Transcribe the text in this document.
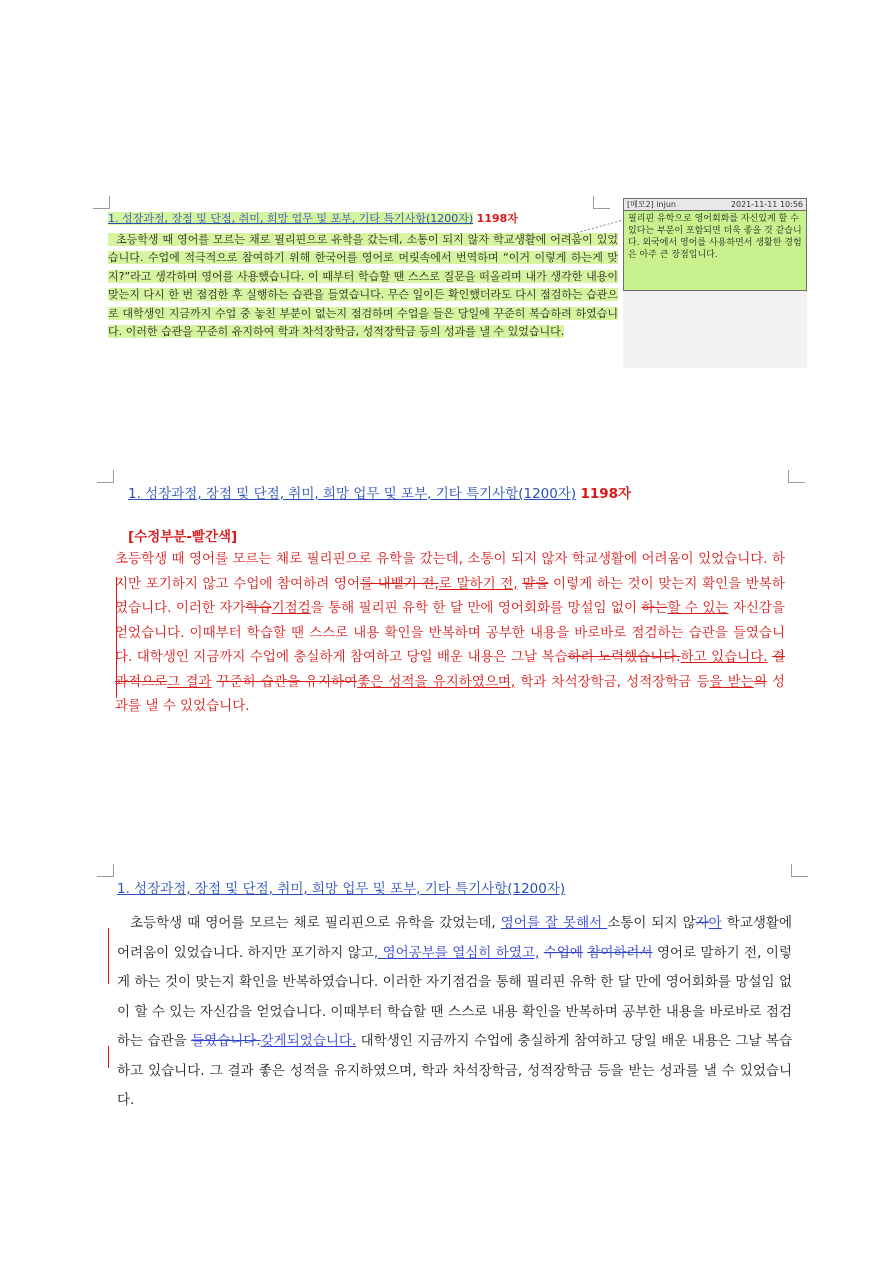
1. 성장과정, 장점 및 단점, 취미, 희망 업무 및 포부, 기타 특기사항(1200자) 1198자

초등학생 때 영어를 모르는 채로 필리핀으로 유학을 갔는데, 소통이 되지 않자 학교생활에 어려움이 있었습니다. 수업에 적극적으로 참여하기 위해 한국어를 영어로 머릿속에서 번역하며 “이거 이렇게 하는게 맞지?”라고 생각하며 영어를 사용했습니다. 이 때부터 학습할 땐 스스로 질문을 떠올리며 내가 생각한 내용이 맞는지 다시 한 번 점검한 후 실행하는 습관을 들였습니다. 무슨 일이든 확인했더라도 다시 점검하는 습관으로 대학생인 지금까지 수업 중 놓친 부분이 없는지 점검하며 수업을 들은 당일에 꾸준히 복습하려 하였습니다. 이러한 습관을 꾸준히 유지하여 학과 차석장학금, 성적장학금 등의 성과를 낼 수 있었습니다.

[메모2] injun	2021-11-11 10:56
필리핀 유학으로 영어회화를 자신있게 할 수 있다는 부분이 포함되면 더욱 좋을 것 같습니다. 외국에서 영어를 사용하면서 생활한 경험은 아주 큰 장점입니다.

1. 성장과정, 장점 및 단점, 취미, 희망 업무 및 포부, 기타 특기사항(1200자) 1198자

[수정부분-빨간색]

초등학생 때 영어를 모르는 채로 필리핀으로 유학을 갔는데, 소통이 되지 않자 학교생활에 어려움이 있었습니다. 하지만 포기하지 않고 수업에 참여하려 영어를 내뱉기 전,로 말하기 전, 말을 이렇게 하는 것이 맞는지 확인을 반복하였습니다. 이러한 자가학습기점검을 통해 필리핀 유학 한 달 만에 영어회화를 망설임 없이 하는할 수 있는 자신감을 얻었습니다. 이때부터 학습할 땐 스스로 내용 확인을 반복하며 공부한 내용을 바로바로 점검하는 습관을 들였습니다. 대학생인 지금까지 수업에 충실하게 참여하고 당일 배운 내용은 그날 복습하려 노력했습니다.하고 있습니다. 결과적으로그 결과 꾸준히 습관을 유지하여좋은 성적을 유지하였으며, 학과 차석장학금, 성적장학금 등을 받는의 성과를 낼 수 있었습니다.

1. 성장과정, 장점 및 단점, 취미, 희망 업무 및 포부, 기타 특기사항(1200자)

초등학생 때 영어를 모르는 채로 필리핀으로 유학을 갔었는데, 영어를 잘 못해서 소통이 되지 않자아 학교생활에 어려움이 있었습니다. 하지만 포기하지 않고, 영어공부를 열심히 하였고, 수업에 참여하려서 영어로 말하기 전, 이렇게 하는 것이 맞는지 확인을 반복하였습니다. 이러한 자기점검을 통해 필리핀 유학 한 달 만에 영어회화를 망설임 없이 할 수 있는 자신감을 얻었습니다. 이때부터 학습할 땐 스스로 내용 확인을 반복하며 공부한 내용을 바로바로 점검하는 습관을 들였습니다.갖게되었습니다. 대학생인 지금까지 수업에 충실하게 참여하고 당일 배운 내용은 그날 복습하고 있습니다. 그 결과 좋은 성적을 유지하였으며, 학과 차석장학금, 성적장학금 등을 받는 성과를 낼 수 있었습니다.
